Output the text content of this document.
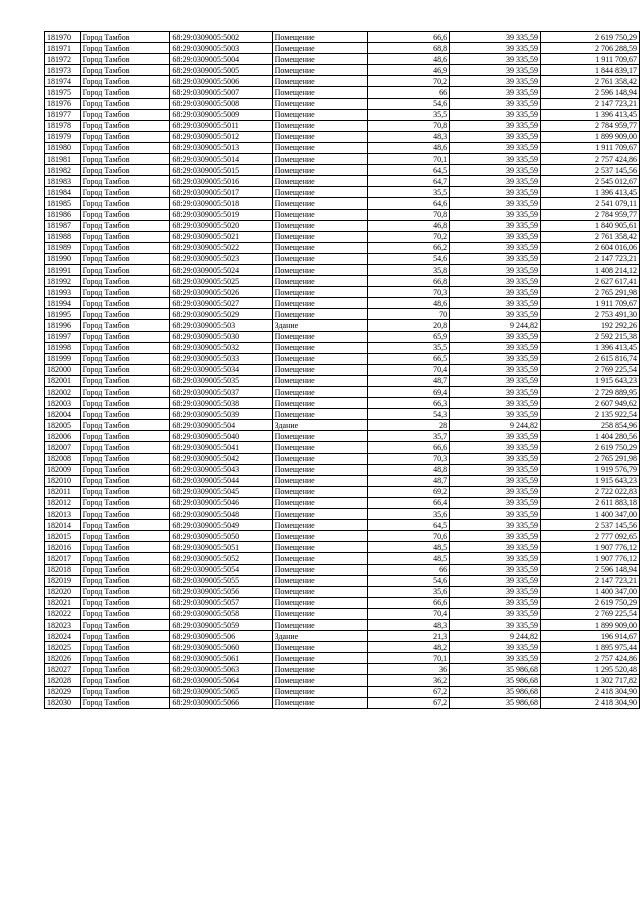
181970	Город Тамбов	68:29:0309005:5002	Помещение	66,6	39 335,59	2 619 750,29
181971	Город Тамбов	68:29:0309005:5003	Помещение	68,8	39 335,59	2 706 288,59
181972	Город Тамбов	68:29:0309005:5004	Помещение	48,6	39 335,59	1 911 709,67
181973	Город Тамбов	68:29:0309005:5005	Помещение	46,9	39 335,59	1 844 839,17
181974	Город Тамбов	68:29:0309005:5006	Помещение	70,2	39 335,59	2 761 358,42
181975	Город Тамбов	68:29:0309005:5007	Помещение	66	39 335,59	2 596 148,94
181976	Город Тамбов	68:29:0309005:5008	Помещение	54,6	39 335,59	2 147 723,21
181977	Город Тамбов	68:29:0309005:5009	Помещение	35,5	39 335,59	1 396 413,45
181978	Город Тамбов	68:29:0309005:5011	Помещение	70,8	39 335,59	2 784 959,77
181979	Город Тамбов	68:29:0309005:5012	Помещение	48,3	39 335,59	1 899 909,00
181980	Город Тамбов	68:29:0309005:5013	Помещение	48,6	39 335,59	1 911 709,67
181981	Город Тамбов	68:29:0309005:5014	Помещение	70,1	39 335,59	2 757 424,86
181982	Город Тамбов	68:29:0309005:5015	Помещение	64,5	39 335,59	2 537 145,56
181983	Город Тамбов	68:29:0309005:5016	Помещение	64,7	39 335,59	2 545 012,67
181984	Город Тамбов	68:29:0309005:5017	Помещение	35,5	39 335,59	1 396 413,45
181985	Город Тамбов	68:29:0309005:5018	Помещение	64,6	39 335,59	2 541 079,11
181986	Город Тамбов	68:29:0309005:5019	Помещение	70,8	39 335,59	2 784 959,77
181987	Город Тамбов	68:29:0309005:5020	Помещение	46,8	39 335,59	1 840 905,61
181988	Город Тамбов	68:29:0309005:5021	Помещение	70,2	39 335,59	2 761 358,42
181989	Город Тамбов	68:29:0309005:5022	Помещение	66,2	39 335,59	2 604 016,06
181990	Город Тамбов	68:29:0309005:5023	Помещение	54,6	39 335,59	2 147 723,21
181991	Город Тамбов	68:29:0309005:5024	Помещение	35,8	39 335,59	1 408 214,12
181992	Город Тамбов	68:29:0309005:5025	Помещение	66,8	39 335,59	2 627 617,41
181993	Город Тамбов	68:29:0309005:5026	Помещение	70,3	39 335,59	2 765 291,98
181994	Город Тамбов	68:29:0309005:5027	Помещение	48,6	39 335,59	1 911 709,67
181995	Город Тамбов	68:29:0309005:5029	Помещение	70	39 335,59	2 753 491,30
181996	Город Тамбов	68:29:0309005:503	Здание	20,8	9 244,82	192 292,26
181997	Город Тамбов	68:29:0309005:5030	Помещение	65,9	39 335,59	2 592 215,38
181998	Город Тамбов	68:29:0309005:5032	Помещение	35,5	39 335,59	1 396 413,45
181999	Город Тамбов	68:29:0309005:5033	Помещение	66,5	39 335,59	2 615 816,74
182000	Город Тамбов	68:29:0309005:5034	Помещение	70,4	39 335,59	2 769 225,54
182001	Город Тамбов	68:29:0309005:5035	Помещение	48,7	39 335,59	1 915 643,23
182002	Город Тамбов	68:29:0309005:5037	Помещение	69,4	39 335,59	2 729 889,95
182003	Город Тамбов	68:29:0309005:5038	Помещение	66,3	39 335,59	2 607 949,62
182004	Город Тамбов	68:29:0309005:5039	Помещение	54,3	39 335,59	2 135 922,54
182005	Город Тамбов	68:29:0309005:504	Здание	28	9 244,82	258 854,96
182006	Город Тамбов	68:29:0309005:5040	Помещение	35,7	39 335,59	1 404 280,56
182007	Город Тамбов	68:29:0309005:5041	Помещение	66,6	39 335,59	2 619 750,29
182008	Город Тамбов	68:29:0309005:5042	Помещение	70,3	39 335,59	2 765 291,98
182009	Город Тамбов	68:29:0309005:5043	Помещение	48,8	39 335,59	1 919 576,79
182010	Город Тамбов	68:29:0309005:5044	Помещение	48,7	39 335,59	1 915 643,23
182011	Город Тамбов	68:29:0309005:5045	Помещение	69,2	39 335,59	2 722 022,83
182012	Город Тамбов	68:29:0309005:5046	Помещение	66,4	39 335,59	2 611 883,18
182013	Город Тамбов	68:29:0309005:5048	Помещение	35,6	39 335,59	1 400 347,00
182014	Город Тамбов	68:29:0309005:5049	Помещение	64,5	39 335,59	2 537 145,56
182015	Город Тамбов	68:29:0309005:5050	Помещение	70,6	39 335,59	2 777 092,65
182016	Город Тамбов	68:29:0309005:5051	Помещение	48,5	39 335,59	1 907 776,12
182017	Город Тамбов	68:29:0309005:5052	Помещение	48,5	39 335,59	1 907 776,12
182018	Город Тамбов	68:29:0309005:5054	Помещение	66	39 335,59	2 596 148,94
182019	Город Тамбов	68:29:0309005:5055	Помещение	54,6	39 335,59	2 147 723,21
182020	Город Тамбов	68:29:0309005:5056	Помещение	35,6	39 335,59	1 400 347,00
182021	Город Тамбов	68:29:0309005:5057	Помещение	66,6	39 335,59	2 619 750,29
182022	Город Тамбов	68:29:0309005:5058	Помещение	70,4	39 335,59	2 769 225,54
182023	Город Тамбов	68:29:0309005:5059	Помещение	48,3	39 335,59	1 899 909,00
182024	Город Тамбов	68:29:0309005:506	Здание	21,3	9 244,82	196 914,67
182025	Город Тамбов	68:29:0309005:5060	Помещение	48,2	39 335,59	1 895 975,44
182026	Город Тамбов	68:29:0309005:5061	Помещение	70,1	39 335,59	2 757 424,86
182027	Город Тамбов	68:29:0309005:5063	Помещение	36	35 986,68	1 295 520,48
182028	Город Тамбов	68:29:0309005:5064	Помещение	36,2	35 986,68	1 302 717,82
182029	Город Тамбов	68:29:0309005:5065	Помещение	67,2	35 986,68	2 418 304,90
182030	Город Тамбов	68:29:0309005:5066	Помещение	67,2	35 986,68	2 418 304,90
